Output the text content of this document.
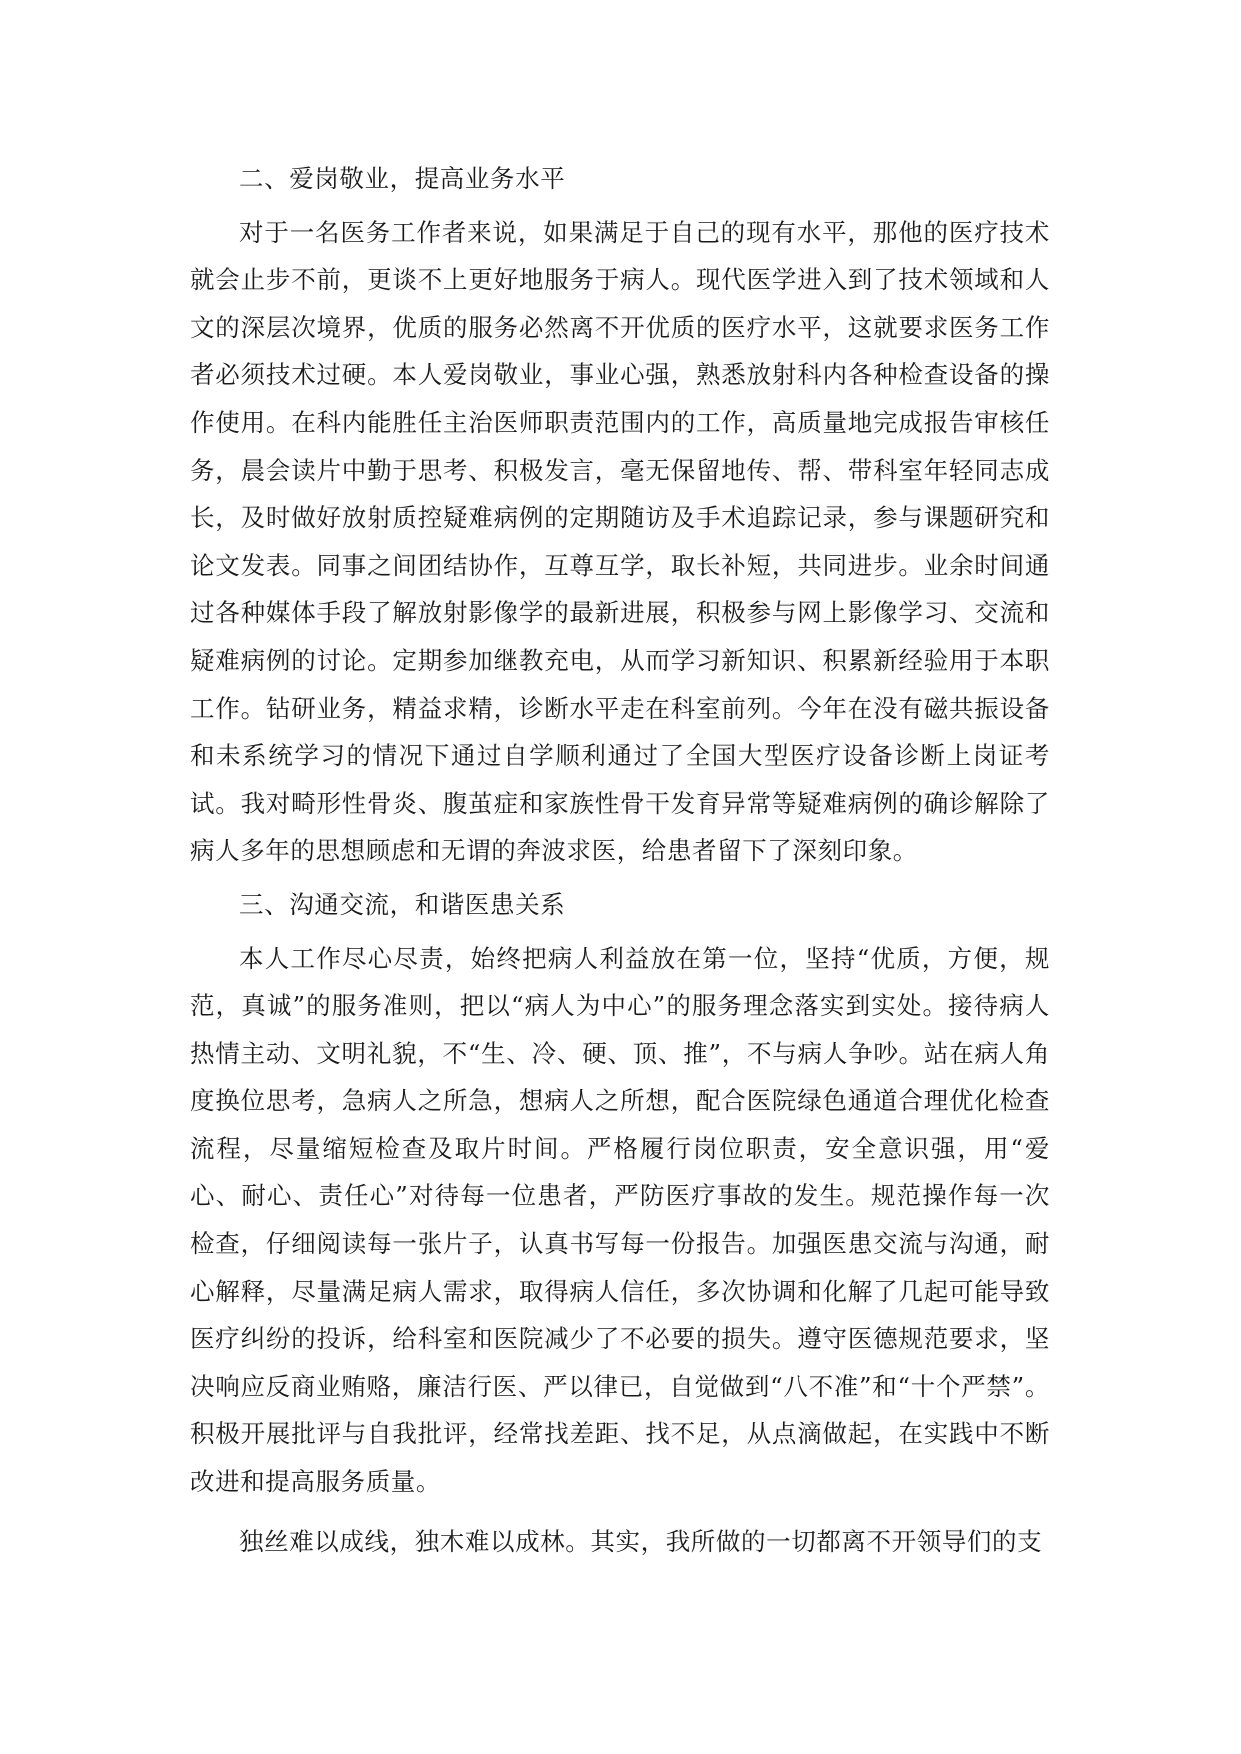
二、爱岗敬业，提高业务水平

对于一名医务工作者来说，如果满足于自己的现有水平，那他的医疗技术就会止步不前，更谈不上更好地服务于病人。现代医学进入到了技术领域和人文的深层次境界，优质的服务必然离不开优质的医疗水平，这就要求医务工作者必须技术过硬。本人爱岗敬业，事业心强，熟悉放射科内各种检查设备的操作使用。在科内能胜任主治医师职责范围内的工作，高质量地完成报告审核任务，晨会读片中勤于思考、积极发言，毫无保留地传、帮、带科室年轻同志成长，及时做好放射质控疑难病例的定期随访及手术追踪记录，参与课题研究和论文发表。同事之间团结协作，互尊互学，取长补短，共同进步。业余时间通过各种媒体手段了解放射影像学的最新进展，积极参与网上影像学习、交流和疑难病例的讨论。定期参加继教充电，从而学习新知识、积累新经验用于本职工作。钻研业务，精益求精，诊断水平走在科室前列。今年在没有磁共振设备和未系统学习的情况下通过自学顺利通过了全国大型医疗设备诊断上岗证考试。我对畸形性骨炎、腹茧症和家族性骨干发育异常等疑难病例的确诊解除了病人多年的思想顾虑和无谓的奔波求医，给患者留下了深刻印象。

三、沟通交流，和谐医患关系

本人工作尽心尽责，始终把病人利益放在第一位，坚持“优质，方便，规范，真诚”的服务准则，把以“病人为中心”的服务理念落实到实处。接待病人热情主动、文明礼貌，不“生、冷、硬、顶、推”，不与病人争吵。站在病人角度换位思考，急病人之所急，想病人之所想，配合医院绿色通道合理优化检查流程，尽量缩短检查及取片时间。严格履行岗位职责，安全意识强，用“爱心、耐心、责任心”对待每一位患者，严防医疗事故的发生。规范操作每一次检查，仔细阅读每一张片子，认真书写每一份报告。加强医患交流与沟通，耐心解释，尽量满足病人需求，取得病人信任，多次协调和化解了几起可能导致医疗纠纷的投诉，给科室和医院减少了不必要的损失。遵守医德规范要求，坚决响应反商业贿赂，廉洁行医、严以律已，自觉做到“八不准”和“十个严禁”。积极开展批评与自我批评，经常找差距、找不足，从点滴做起，在实践中不断改进和提高服务质量。

独丝难以成线，独木难以成林。其实，我所做的一切都离不开领导们的支
